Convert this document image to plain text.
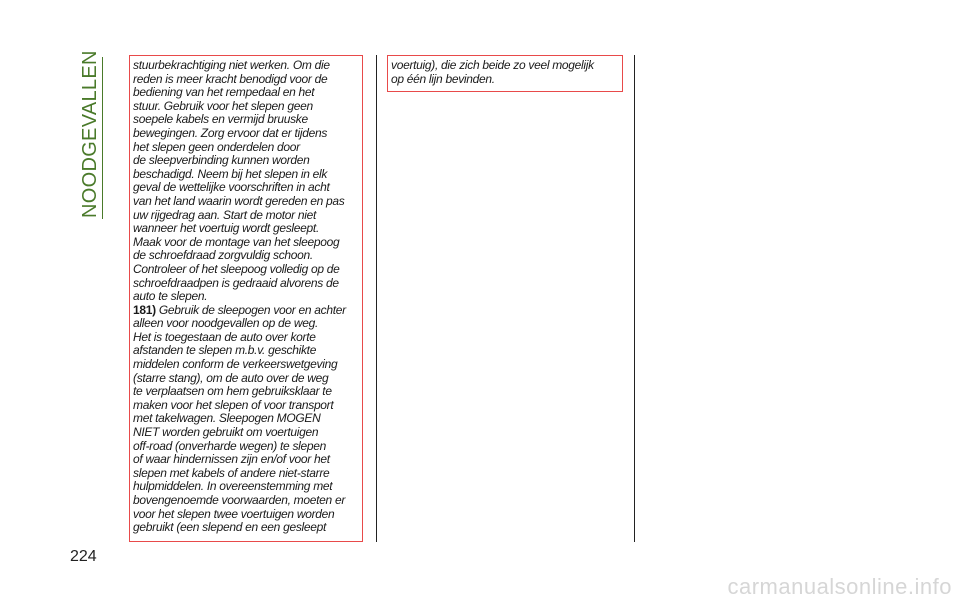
NOODGEVALLEN
224
stuurbekrachtiging niet werken. Om die
reden is meer kracht benodigd voor de
bediening van het rempedaal en het
stuur. Gebruik voor het slepen geen
soepele kabels en vermijd bruuske
bewegingen. Zorg ervoor dat er tijdens
het slepen geen onderdelen door
de sleepverbinding kunnen worden
beschadigd. Neem bij het slepen in elk
geval de wettelijke voorschriften in acht
van het land waarin wordt gereden en pas
uw rijgedrag aan. Start de motor niet
wanneer het voertuig wordt gesleept.
Maak voor de montage van het sleepoog
de schroefdraad zorgvuldig schoon.
Controleer of het sleepoog volledig op de
schroefdraadpen is gedraaid alvorens de
auto te slepen.
181) Gebruik de sleepogen voor en achter
alleen voor noodgevallen op de weg.
Het is toegestaan de auto over korte
afstanden te slepen m.b.v. geschikte
middelen conform de verkeerswetgeving
(starre stang), om de auto over de weg
te verplaatsen om hem gebruiksklaar te
maken voor het slepen of voor transport
met takelwagen. Sleepogen MOGEN
NIET worden gebruikt om voertuigen
off-road (onverharde wegen) te slepen
of waar hindernissen zijn en/of voor het
slepen met kabels of andere niet-starre
hulpmiddelen. In overeenstemming met
bovengenoemde voorwaarden, moeten er
voor het slepen twee voertuigen worden
gebruikt (een slepend en een gesleept
voertuig), die zich beide zo veel mogelijk
op één lijn bevinden.
carmanualsonline.info
